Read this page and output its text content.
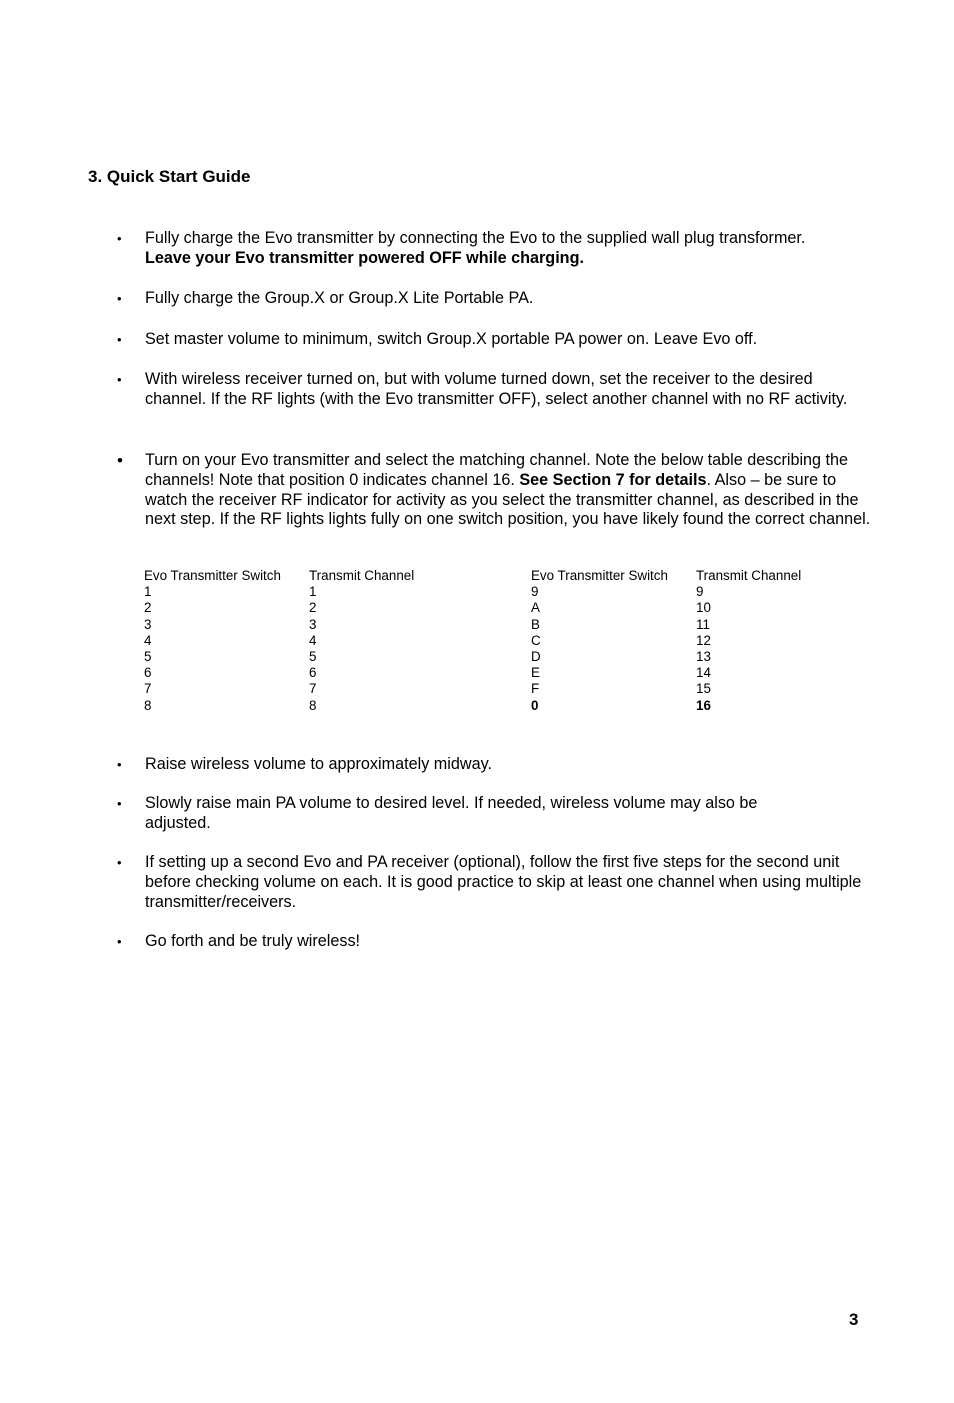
3. Quick Start Guide
• Fully charge the Evo transmitter by connecting the Evo to the supplied wall plug transformer.
Leave your Evo transmitter powered OFF while charging.
• Fully charge the Group.X or Group.X Lite Portable PA.
• Set master volume to minimum, switch Group.X portable PA power on. Leave Evo off.
• With wireless receiver turned on, but with volume turned down, set the receiver to the desired channel. If the RF lights (with the Evo transmitter OFF), select another channel with no RF activity.
• Turn on your Evo transmitter and select the matching channel. Note the below table describing the channels! Note that position 0 indicates channel 16. See Section 7 for details. Also – be sure to watch the receiver RF indicator for activity as you select the transmitter channel, as described in the next step. If the RF lights lights fully on one switch position, you have likely found the correct channel.
• Raise wireless volume to approximately midway.
• Slowly raise main PA volume to desired level. If needed, wireless volume may also be adjusted.
• If setting up a second Evo and PA receiver (optional), follow the first five steps for the second unit before checking volume on each. It is good practice to skip at least one channel when using multiple transmitter/receivers.
• Go forth and be truly wireless!
Evo Transmitter Switch
1
2
3
4
5
6
7
8
Transmit Channel
1
2
3
4
5
6
7
8
Evo Transmitter Switch
9
A
B
C
D
E
F
0
Transmit Channel
9
10
11
12
13
14
15
16
3
